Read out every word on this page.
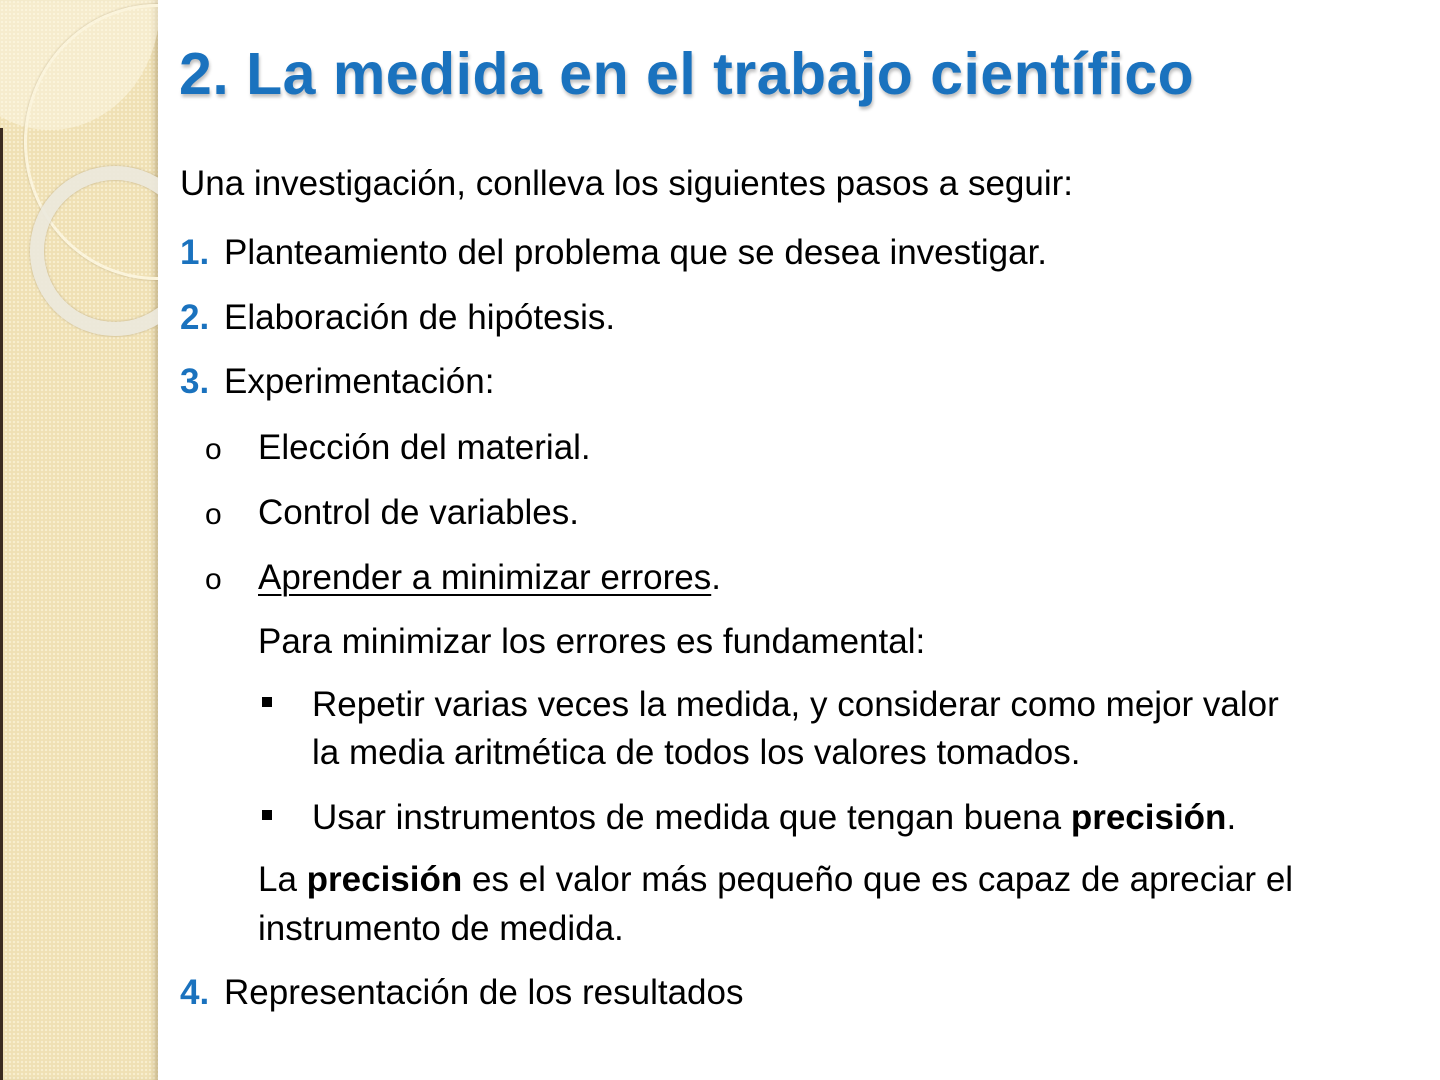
2. La medida en el trabajo científico
Una investigación, conlleva los siguientes pasos a seguir:
1. Planteamiento del problema que se desea investigar.
2. Elaboración de hipótesis.
3. Experimentación:
o Elección del material.
o Control de variables.
o Aprender a minimizar errores.
Para minimizar los errores es fundamental:
Repetir varias veces la medida, y considerar como mejor valor
la media aritmética de todos los valores tomados.
Usar instrumentos de medida que tengan buena precisión.
La precisión es el valor más pequeño que es capaz de apreciar el
instrumento de medida.
4. Representación de los resultados
